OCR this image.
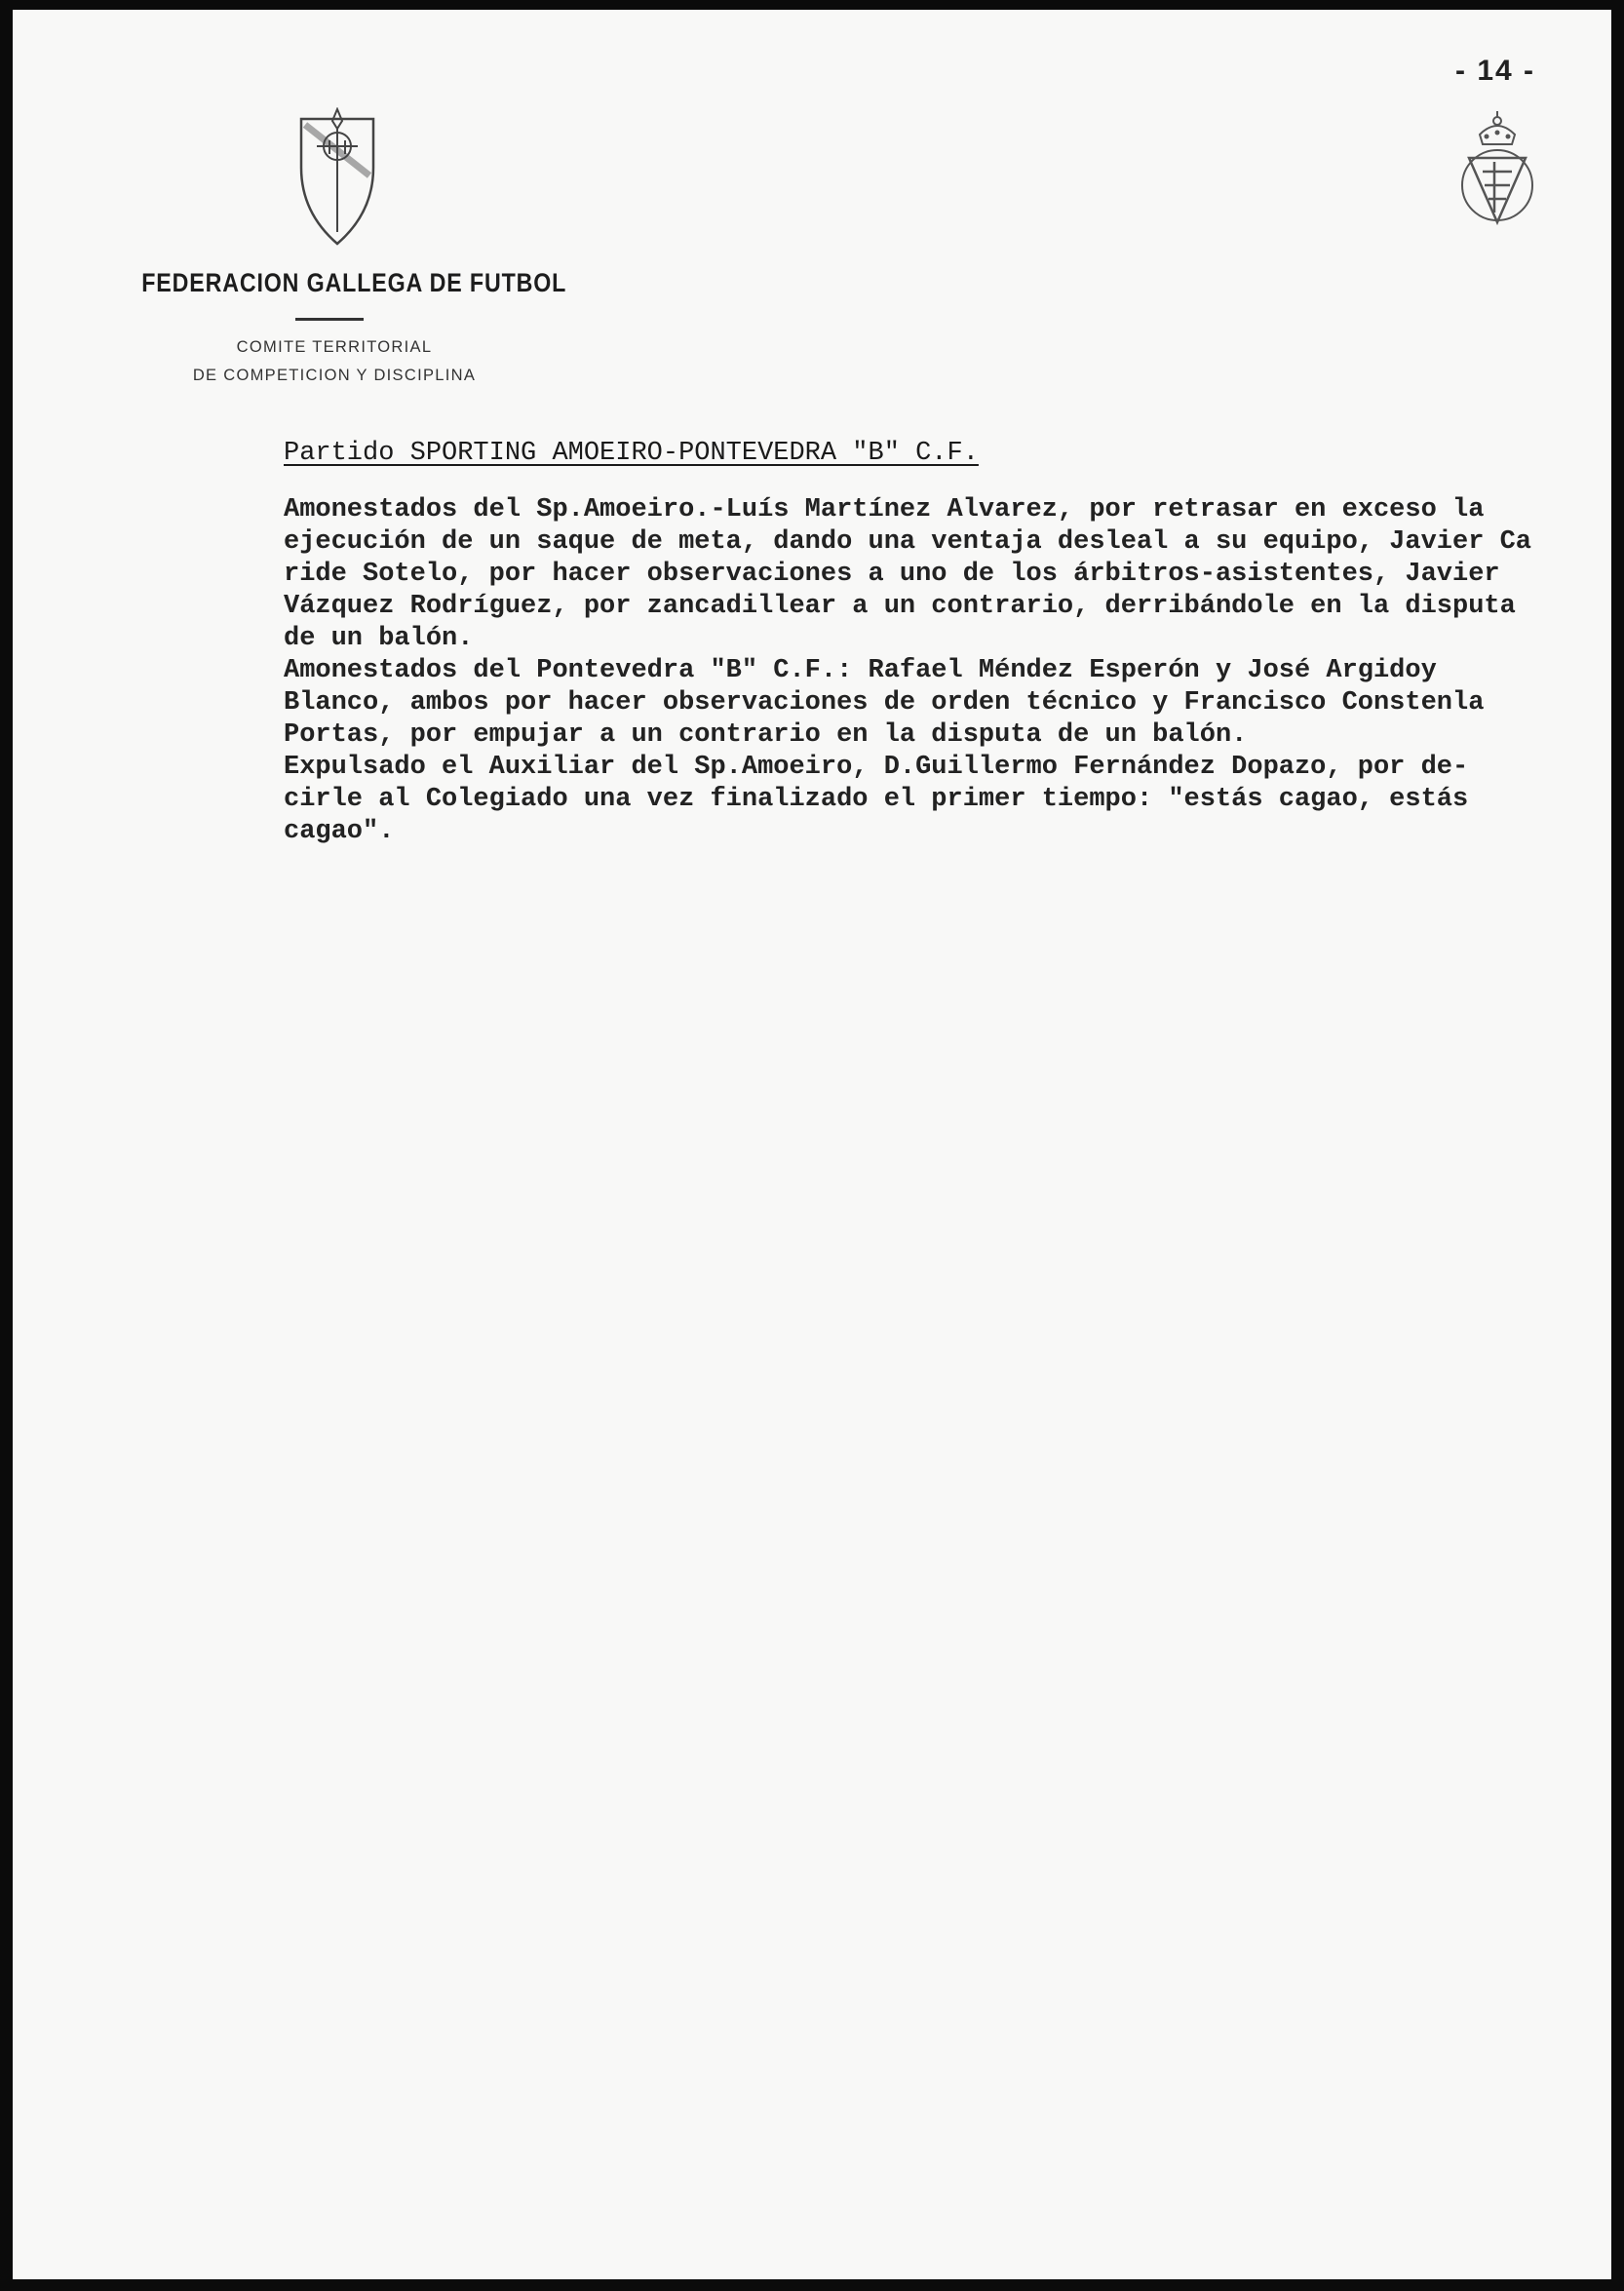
- 14 -
FEDERACION GALLEGA DE FUTBOL
COMITE TERRITORIAL
DE COMPETICION Y DISCIPLINA
Partido SPORTING AMOEIRO-PONTEVEDRA "B" C.F.
Amonestados del Sp.Amoeiro.-Luís Martínez Alvarez, por retrasar en exceso la
ejecución de un saque de meta, dando una ventaja desleal a su equipo, Javier Ca
ride Sotelo, por hacer observaciones a uno de los árbitros-asistentes, Javier
Vázquez Rodríguez, por zancadillear a un contrario, derribándole en la disputa
de un balón.
Amonestados del Pontevedra "B" C.F.: Rafael Méndez Esperón y José Argidoy
Blanco, ambos por hacer observaciones de orden técnico y Francisco Constenla
Portas, por empujar a un contrario en la disputa de un balón.
Expulsado el Auxiliar del Sp.Amoeiro, D.Guillermo Fernández Dopazo, por de-
cirle al Colegiado una vez finalizado el primer tiempo: "estás cagao, estás
cagao".
